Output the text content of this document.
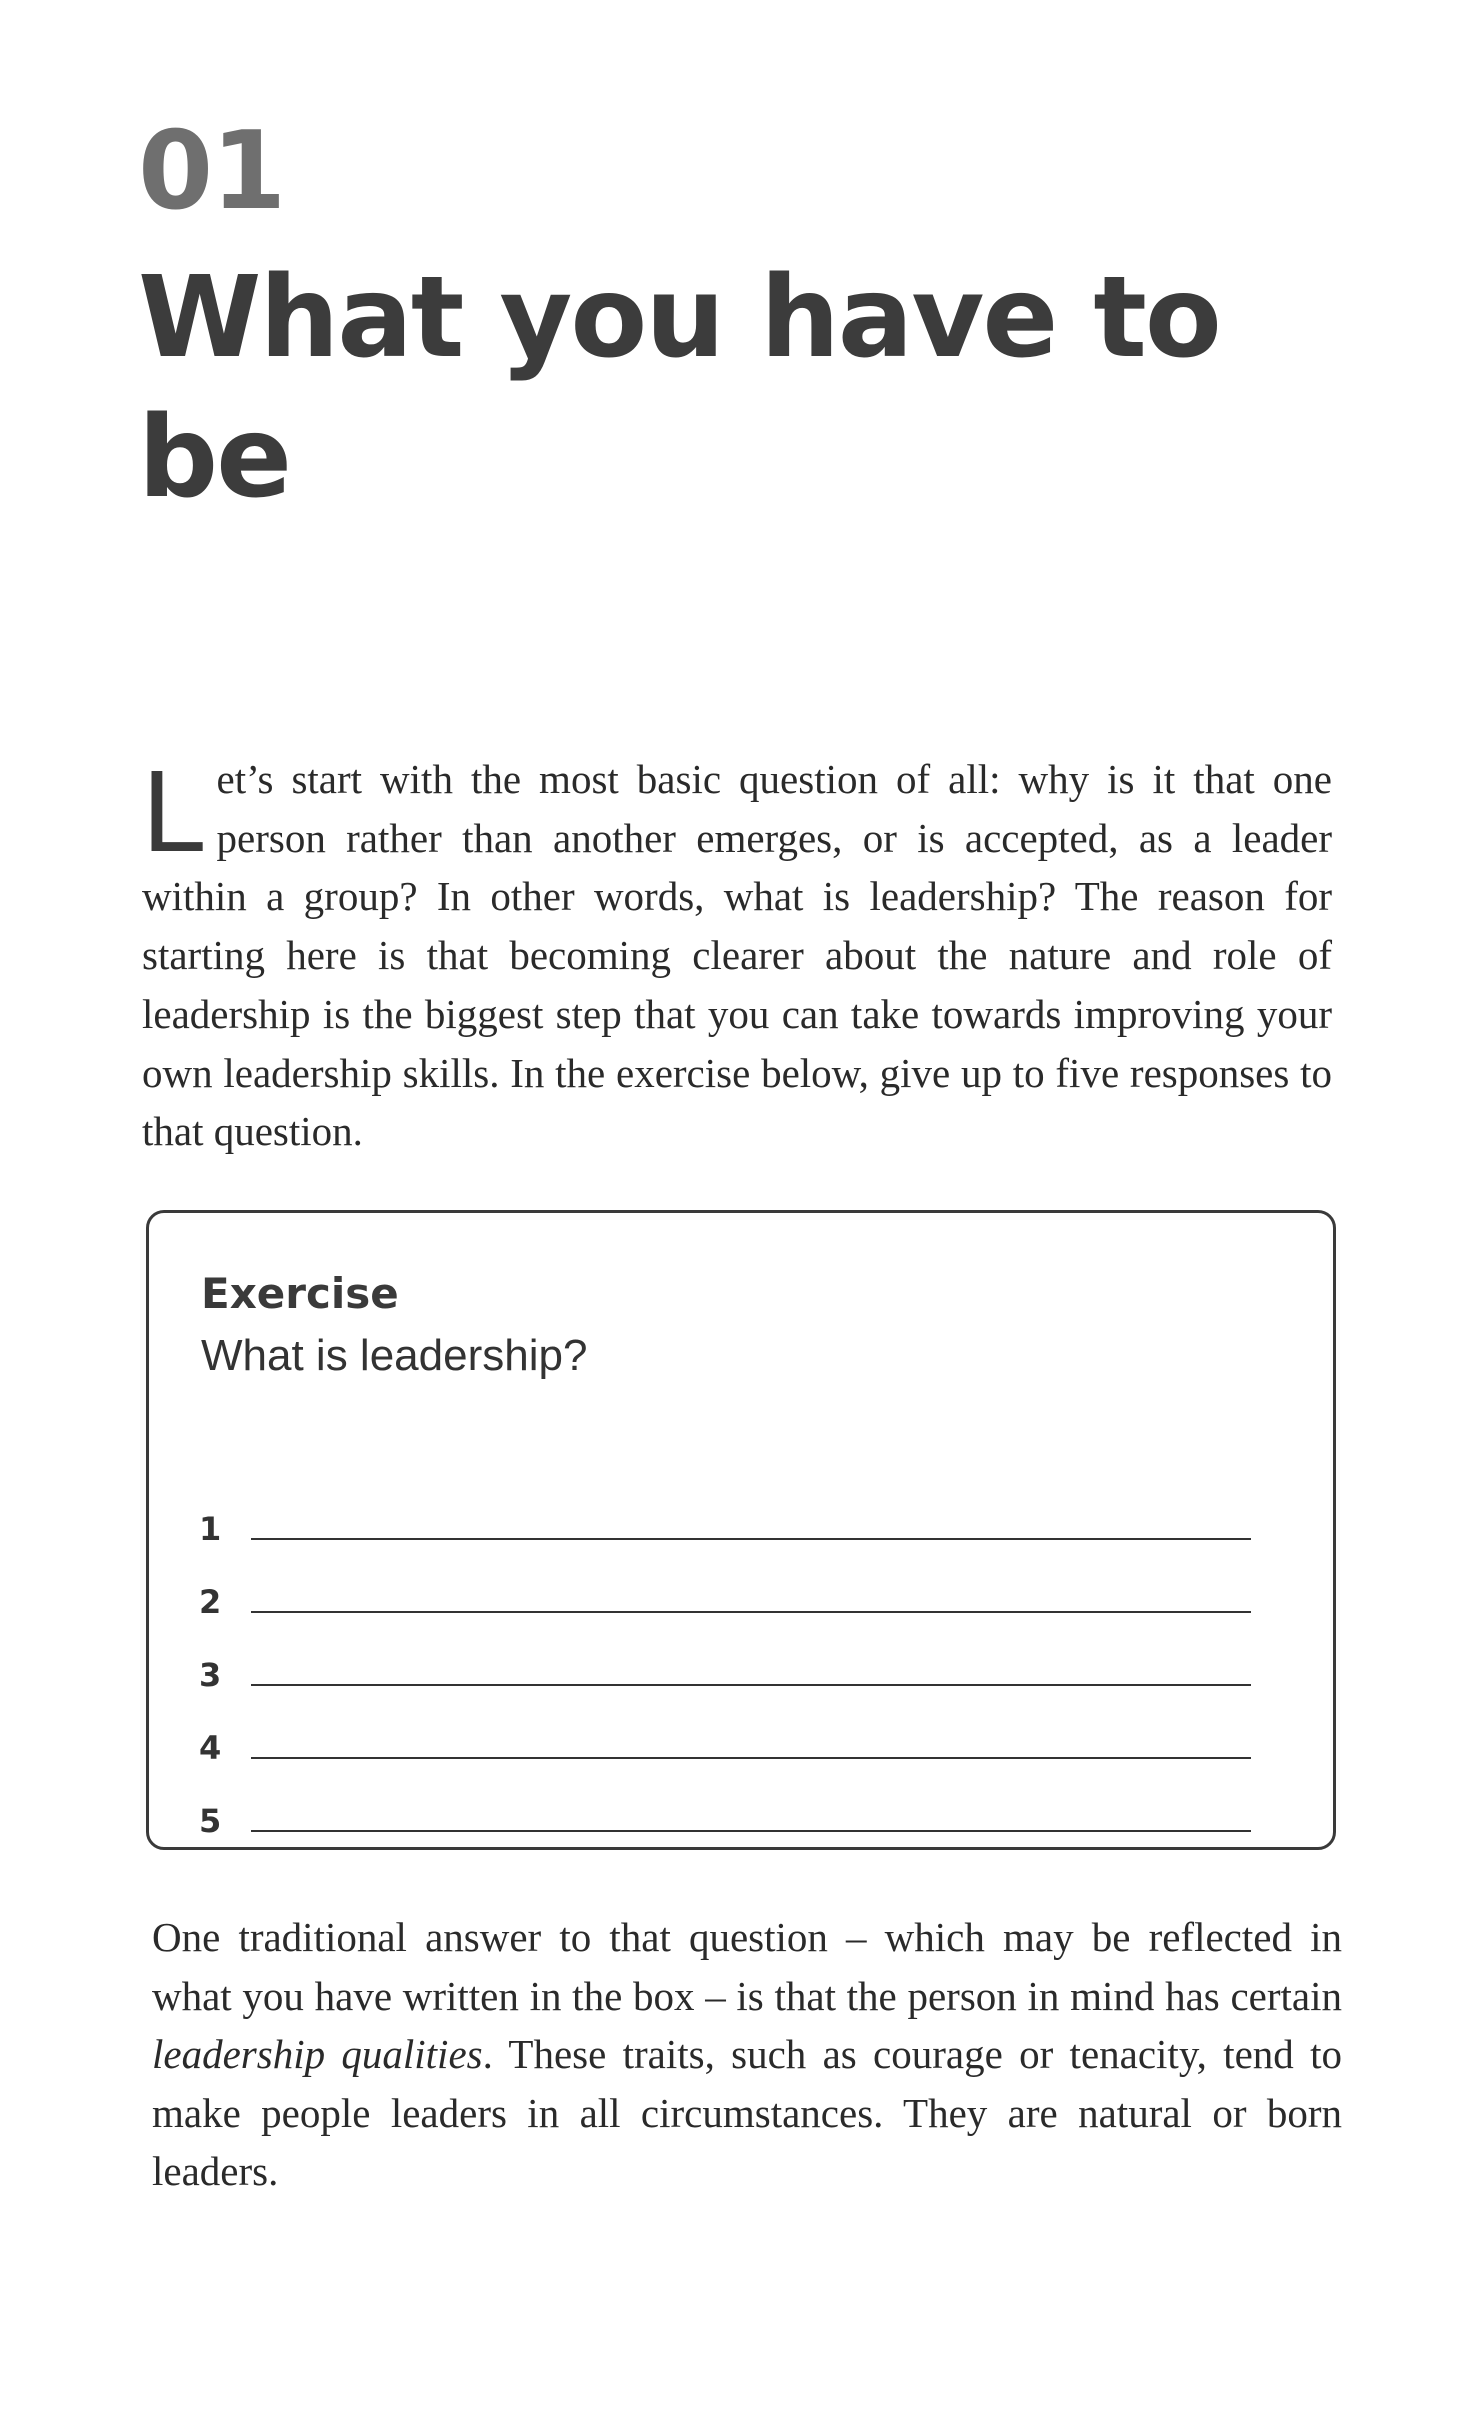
01
What you have to be

Let’s start with the most basic question of all: why is it that one person rather than another emerges, or is accepted, as a leader within a group? In other words, what is leadership? The reason for starting here is that becoming clearer about the nature and role of leadership is the biggest step that you can take towards improving your own leadership skills. In the exercise below, give up to five responses to that question.

Exercise
What is leadership?
1
2
3
4
5

One traditional answer to that question – which may be reflected in what you have written in the box – is that the person in mind has certain leadership qualities. These traits, such as courage or tenacity, tend to make people leaders in all circumstances. They are natural or born leaders.
